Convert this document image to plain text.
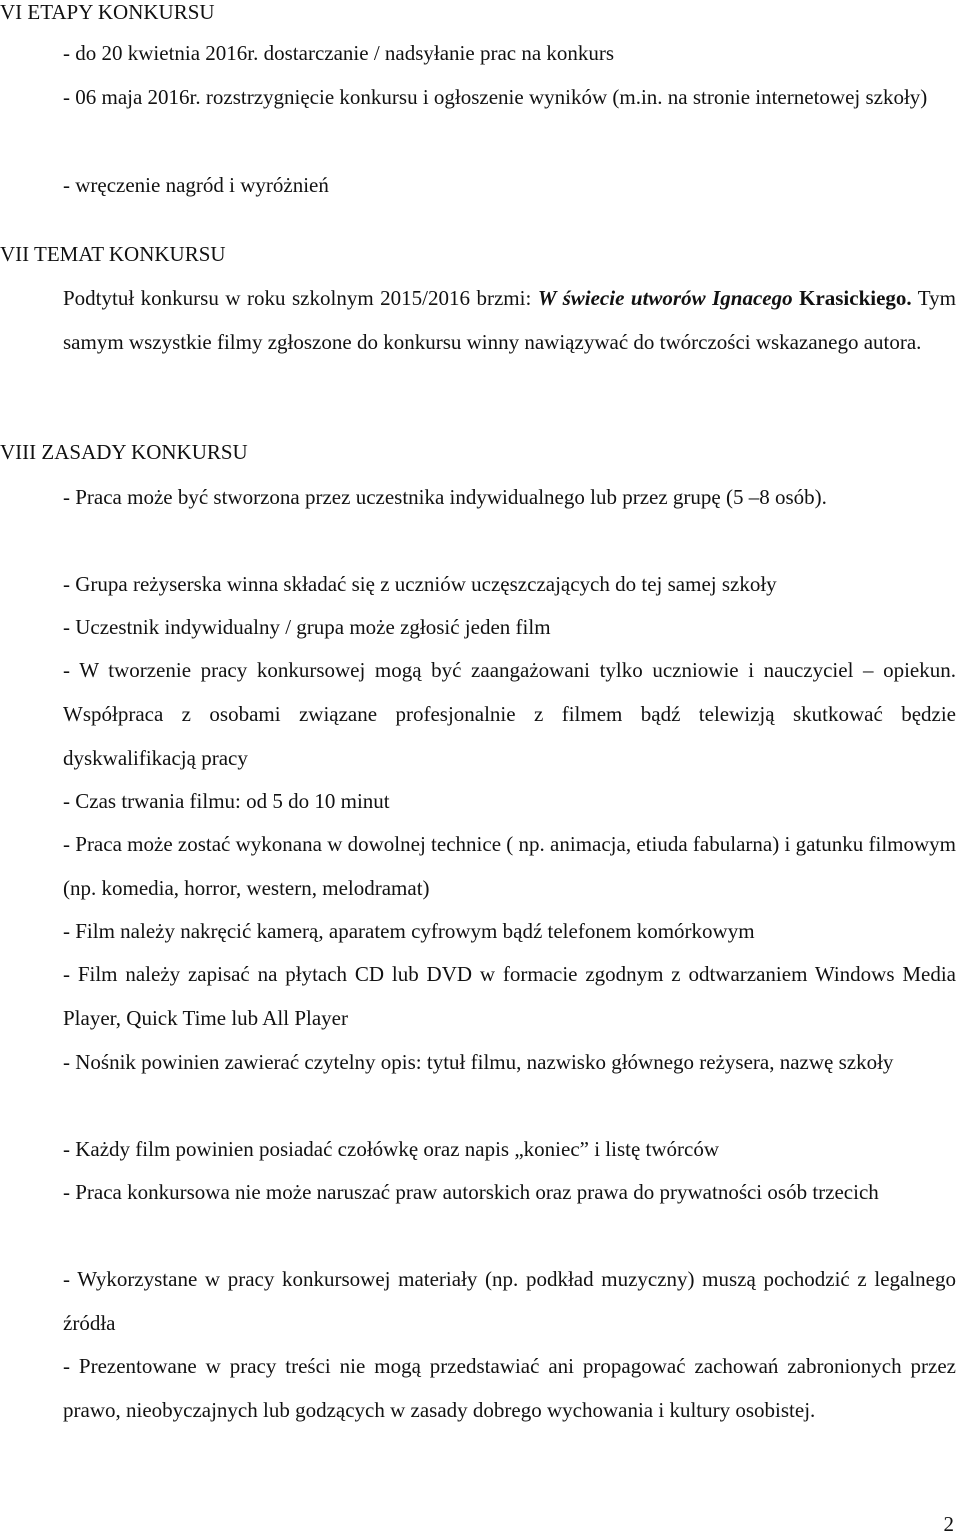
VI ETAPY KONKURSU

- do 20 kwietnia 2016r. dostarczanie / nadsyłanie prac na konkurs

- 06 maja 2016r. rozstrzygnięcie konkursu i ogłoszenie wyników (m.in. na stronie internetowej szkoły)

- wręczenie nagród i wyróżnień

VII TEMAT KONKURSU

Podtytuł konkursu w roku szkolnym 2015/2016 brzmi: W świecie utworów Ignacego Krasickiego. Tym samym wszystkie filmy zgłoszone do konkursu winny nawiązywać do twórczości wskazanego autora.

VIII ZASADY KONKURSU

- Praca może być stworzona przez uczestnika indywidualnego lub przez grupę (5 –8 osób).

- Grupa reżyserska winna składać się z uczniów uczęszczających do tej samej szkoły

- Uczestnik indywidualny / grupa może zgłosić jeden film

- W tworzenie pracy konkursowej mogą być zaangażowani tylko uczniowie i nauczyciel – opiekun. Współpraca z osobami związane profesjonalnie z filmem bądź telewizją skutkować będzie dyskwalifikacją pracy

- Czas trwania filmu: od 5 do 10 minut

- Praca może zostać wykonana w dowolnej technice ( np. animacja, etiuda fabularna) i gatunku filmowym (np. komedia, horror, western, melodramat)

- Film należy nakręcić kamerą, aparatem cyfrowym bądź telefonem komórkowym

- Film należy zapisać na płytach CD lub DVD w formacie zgodnym z odtwarzaniem Windows Media Player, Quick Time lub All Player

- Nośnik powinien zawierać czytelny opis: tytuł filmu, nazwisko głównego reżysera, nazwę szkoły

- Każdy film powinien posiadać czołówkę oraz napis „koniec” i listę twórców

- Praca konkursowa nie może naruszać praw autorskich oraz prawa do prywatności osób trzecich

- Wykorzystane w pracy konkursowej materiały (np. podkład muzyczny) muszą pochodzić z legalnego źródła

- Prezentowane w pracy treści nie mogą przedstawiać ani propagować zachowań zabronionych przez prawo, nieobyczajnych lub godzących w zasady dobrego wychowania i kultury osobistej.

2
